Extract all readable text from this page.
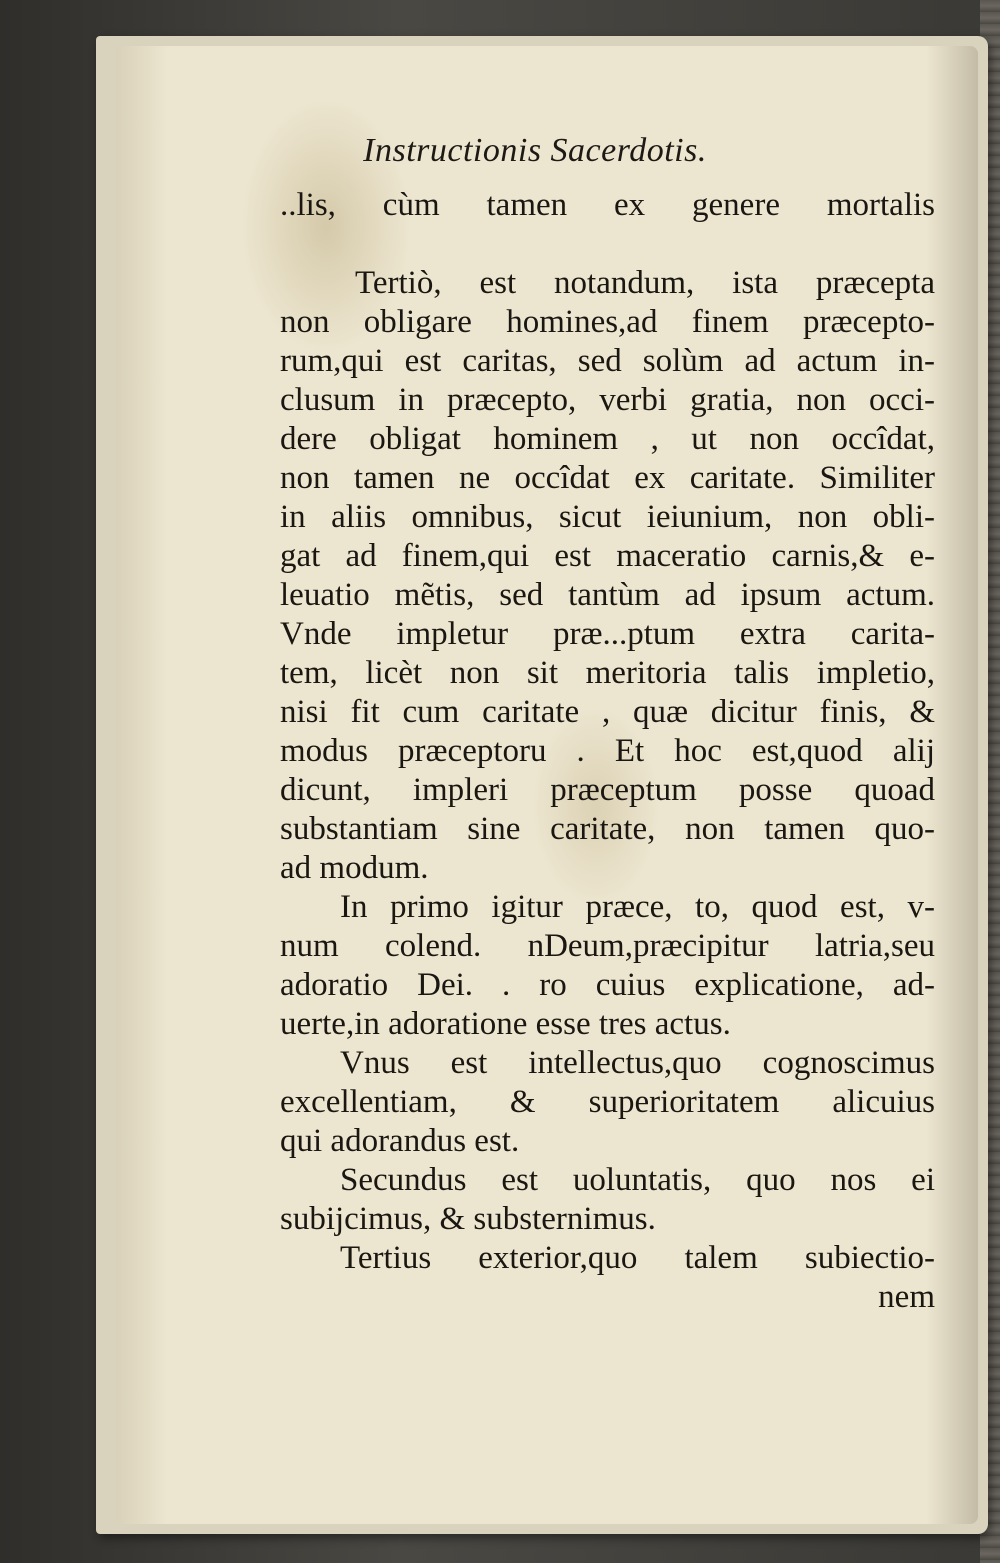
Instructionis Sacerdotis.
..lis, cùm tamen ex genere mortalis
Tertiò, est notandum, ista præcepta
non obligare homines,ad finem præcepto-
rum,qui est caritas, sed solùm ad actum in-
clusum in præcepto, verbi gratia, non occi-
dere obligat hominem , ut non occîdat,
non tamen ne occîdat ex caritate. Similiter
in aliis omnibus, sicut ieiunium, non obli-
gat ad finem,qui est maceratio carnis,& e-
leuatio mẽtis, sed tantùm ad ipsum actum.
Vnde impletur præ...ptum extra carita-
tem, licèt non sit meritoria talis impletio,
nisi fit cum caritate , quæ dicitur finis, &
modus præceptoru . Et hoc est,quod alij
dicunt, impleri præceptum posse quoad
substantiam sine caritate, non tamen quo-
ad modum.
In primo igitur præce, to, quod est, v-
num colend. nDeum,præcipitur latria,seu
adoratio Dei. . ro cuius explicatione, ad-
uerte,in adoratione esse tres actus.
Vnus est intellectus,quo cognoscimus
excellentiam, & superioritatem alicuius
qui adorandus est.
Secundus est uoluntatis, quo nos ei
subijcimus, & substernimus.
Tertius exterior,quo talem subiectio-
nem
